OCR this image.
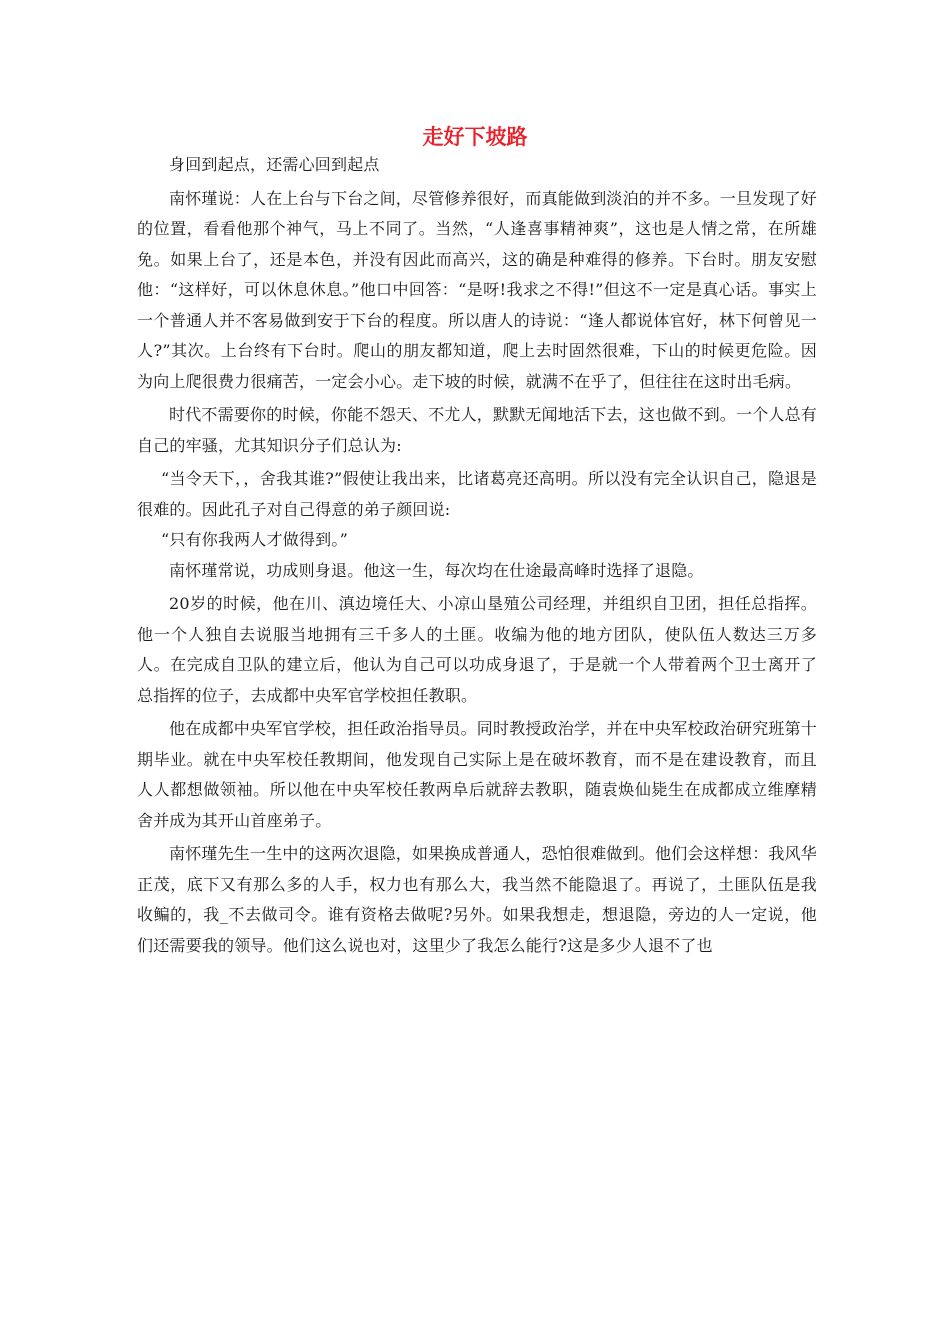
走好下坡路

身回到起点，还需心回到起点

南怀瑾说：人在上台与下台之间，尽管修养很好，而真能做到淡泊的并不多。一旦发现了好的位置，看看他那个神气，马上不同了。当然，“人逢喜事精神爽”，这也是人情之常，在所雄免。如果上台了，还是本色，并没有因此而高兴，这的确是种难得的修养。下台时。朋友安慰他：“这样好，可以休息休息。”他口中回答：“是呀!我求之不得!”但这不一定是真心话。事实上一个普通人并不客易做到安于下台的程度。所以唐人的诗说：“逢人都说体官好，林下何曾见一人?”其次。上台终有下台时。爬山的朋友都知道，爬上去时固然很难，下山的时候更危险。因为向上爬很费力很痛苦，一定会小心。走下坡的时候，就满不在乎了，但往往在这时出毛病。

时代不需要你的时候，你能不怨天、不尤人，默默无闻地活下去，这也做不到。一个人总有自己的牢骚，尤其知识分子们总认为:

“当令天下，，舍我其谁?”假使让我出来，比诸葛亮还高明。所以没有完全认识自己，隐退是很难的。因此孔子对自己得意的弟子颜回说:

“只有你我两人才做得到。”

南怀瑾常说，功成则身退。他这一生，每次均在仕途最高峰时选择了退隐。

20岁的时候，他在川、滇边境任大、小凉山垦殖公司经理，并组织自卫团，担任总指挥。他一个人独自去说服当地拥有三千多人的土匪。收编为他的地方团队，使队伍人数达三万多人。在完成自卫队的建立后，他认为自己可以功成身退了，于是就一个人带着两个卫士离开了总指挥的位子，去成都中央军官学校担任教职。

他在成都中央军官学校，担任政治指导员。同时教授政治学，并在中央军校政治研究班第十期毕业。就在中央军校任教期间，他发现自己实际上是在破坏教育，而不是在建设教育，而且人人都想做领袖。所以他在中央军校任教两阜后就辞去教职，随袁焕仙毙生在成都成立维摩精舍并成为其开山首座弟子。

南怀瑾先生一生中的这两次退隐，如果换成普通人，恐怕很难做到。他们会这样想：我风华正茂，底下又有那么多的人手，权力也有那么大，我当然不能隐退了。再说了，土匪队伍是我收鳊的，我_不去做司令。谁有资格去做呢?另外。如果我想走，想退隐，旁边的人一定说，他们还需要我的领导。他们这么说也对，这里少了我怎么能行?这是多少人退不了也
